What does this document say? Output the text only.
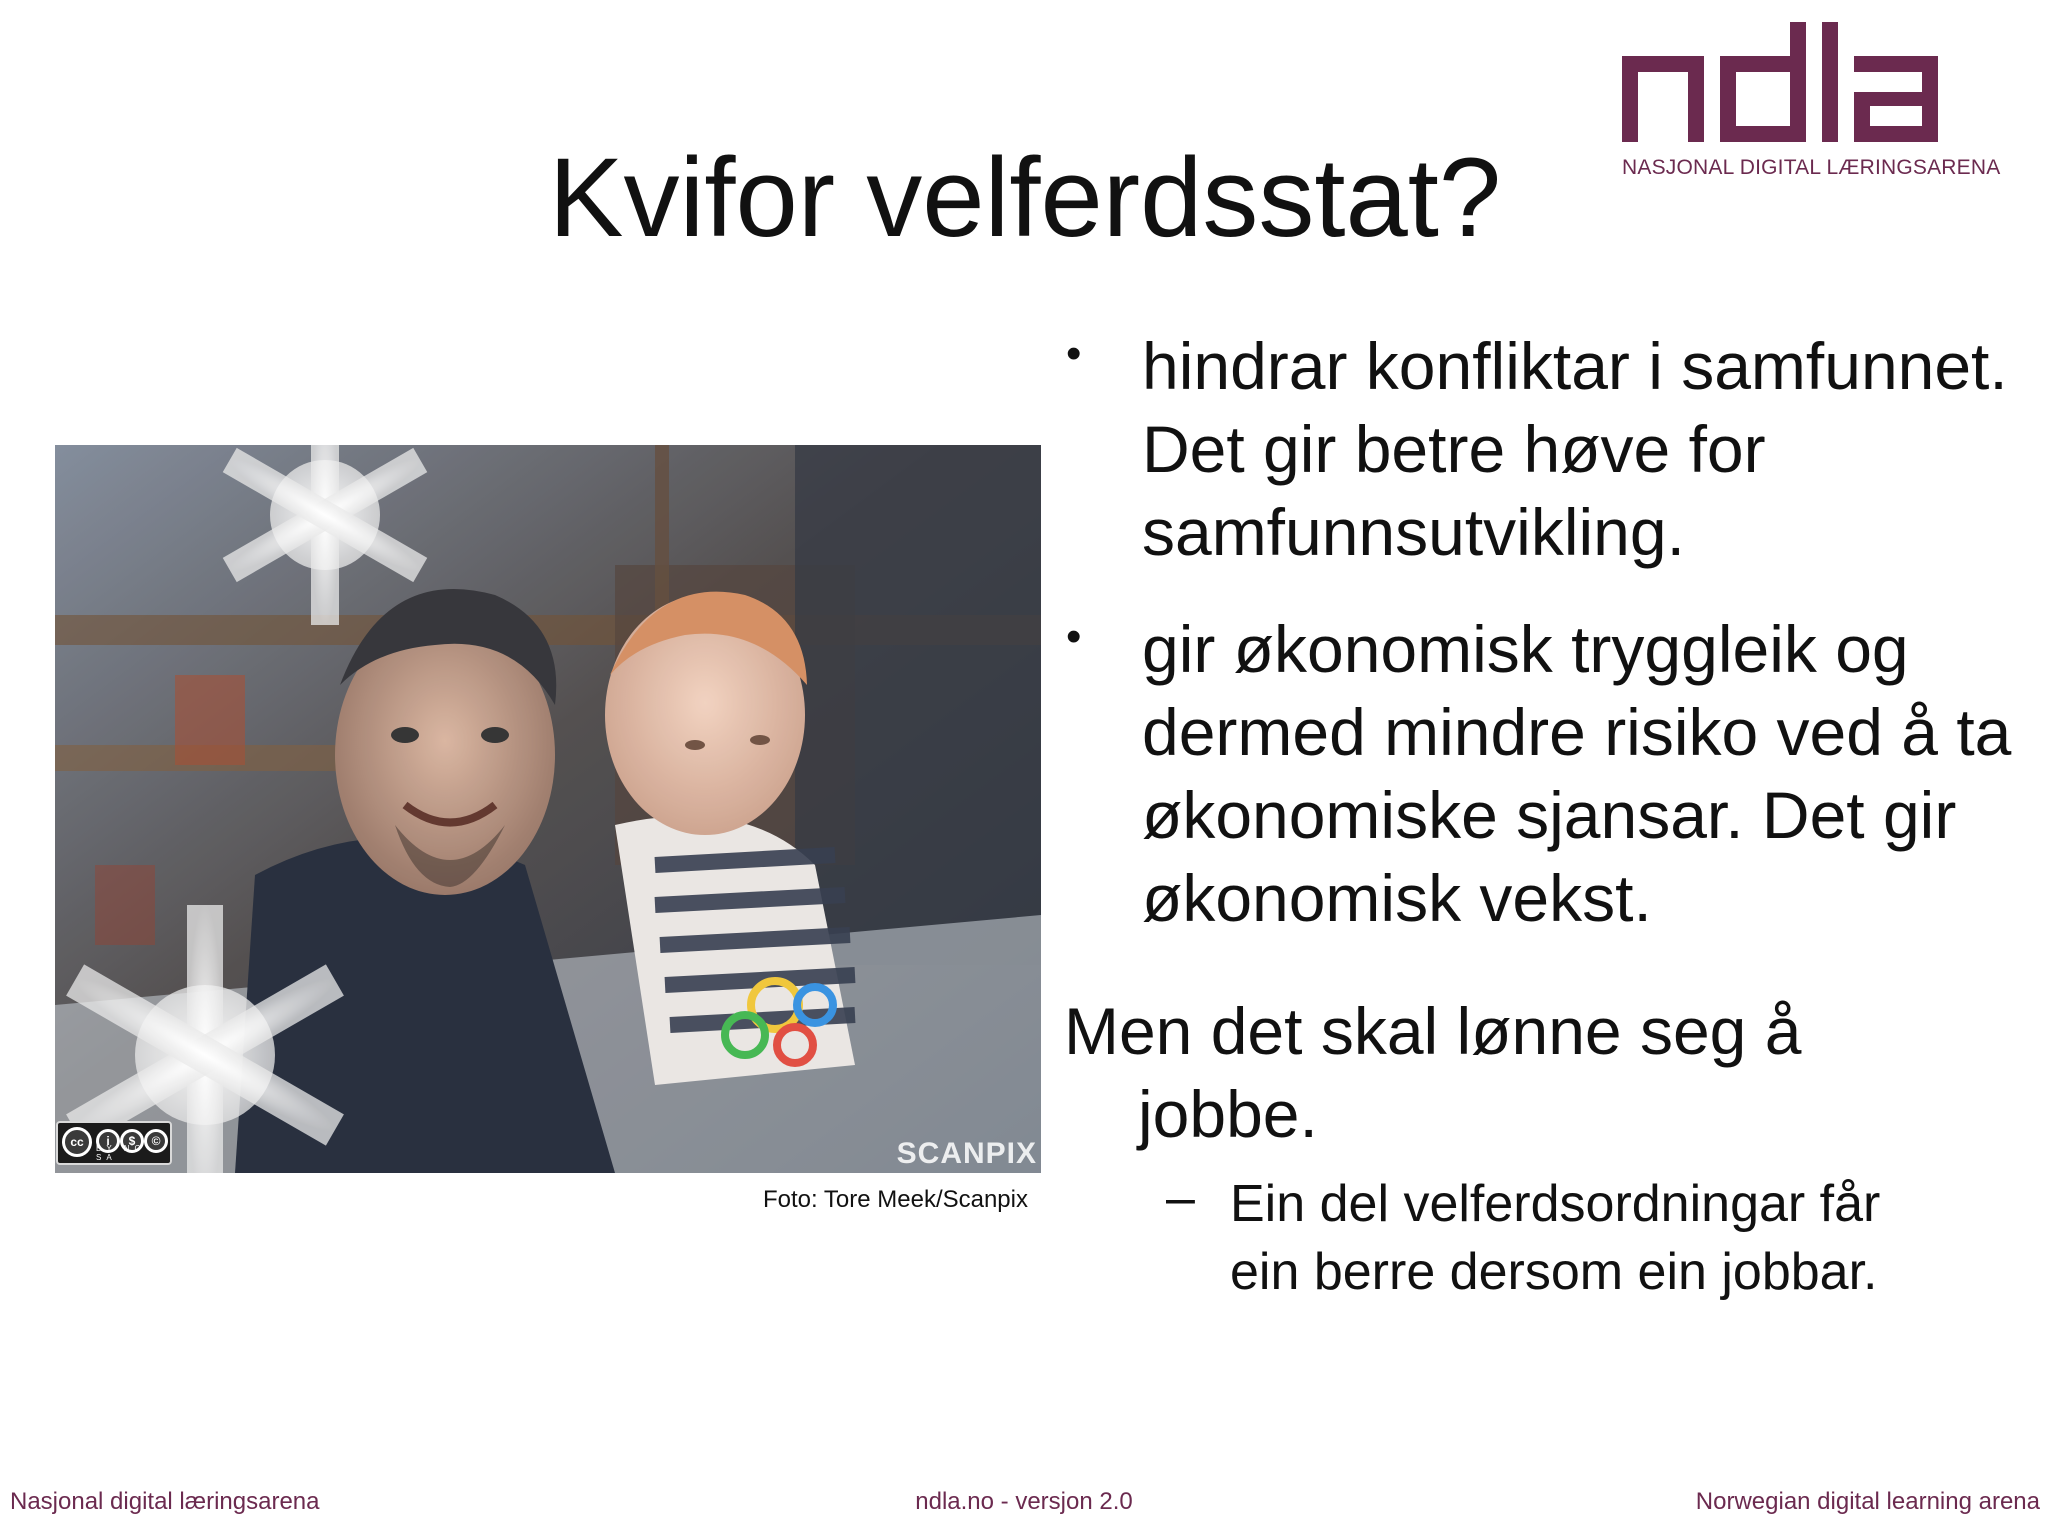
NASJONAL DIGITAL LÆRINGSARENA
Kvifor velferdsstat?
cc	i	$	©
BY NC SA	SCANPIX
Foto: Tore Meek/Scanpix
• hindrar konfliktar i samfunnet. Det gir betre høve for samfunnsutvikling.
• gir økonomisk tryggleik og dermed mindre risiko ved å ta økonomiske sjansar. Det gir økonomisk vekst.
Men det skal lønne seg å
jobbe.
– Ein del velferdsordningar får
ein berre dersom ein jobbar.
Nasjonal digital læringsarena	ndla.no - versjon 2.0	Norwegian digital learning arena
